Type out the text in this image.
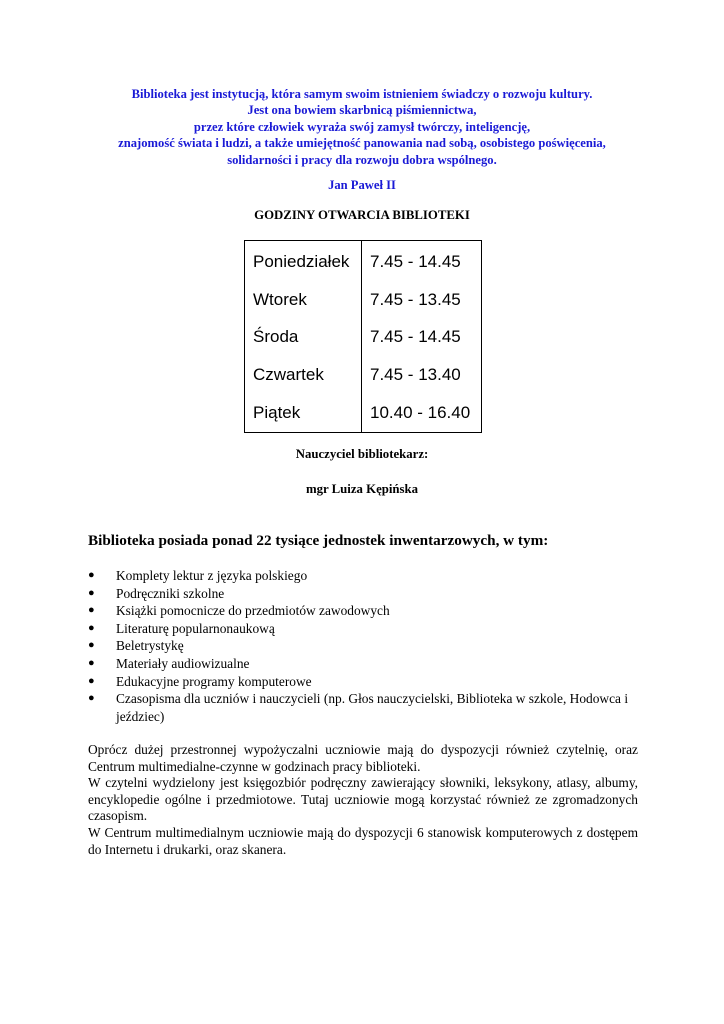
Biblioteka jest instytucją, która samym swoim istnieniem świadczy o rozwoju kultury.
Jest ona bowiem skarbnicą piśmiennictwa,
przez które człowiek wyraża swój zamysł twórczy, inteligencję,
znajomość świata i ludzi, a także umiejętność panowania nad sobą, osobistego poświęcenia,
solidarności i pracy dla rozwoju dobra wspólnego.
Jan Paweł II
GODZINY OTWARCIA BIBLIOTEKI
Poniedziałek	7.45 - 14.45
Wtorek	7.45 - 13.45
Środa	7.45 - 14.45
Czwartek	7.45 - 13.40
Piątek	10.40 - 16.40
Nauczyciel bibliotekarz:
mgr Luiza Kępińska
Biblioteka posiada ponad 22 tysiące jednostek inwentarzowych, w tym:
● Komplety lektur z języka polskiego
● Podręczniki szkolne
● Książki pomocnicze do przedmiotów zawodowych
● Literaturę popularnonaukową
● Beletrystykę
● Materiały audiowizualne
● Edukacyjne programy komputerowe
● Czasopisma dla uczniów i nauczycieli (np. Głos nauczycielski, Biblioteka w szkole, Hodowca i jeździec)

Oprócz dużej przestronnej wypożyczalni uczniowie mają do dyspozycji również czytelnię, oraz Centrum multimedialne-czynne w godzinach pracy biblioteki.

W czytelni wydzielony jest księgozbiór podręczny zawierający słowniki, leksykony, atlasy, albumy, encyklopedie ogólne i przedmiotowe. Tutaj uczniowie mogą korzystać również ze zgromadzonych czasopism.

W Centrum multimedialnym uczniowie mają do dyspozycji 6 stanowisk komputerowych z dostępem do Internetu i drukarki, oraz skanera.
